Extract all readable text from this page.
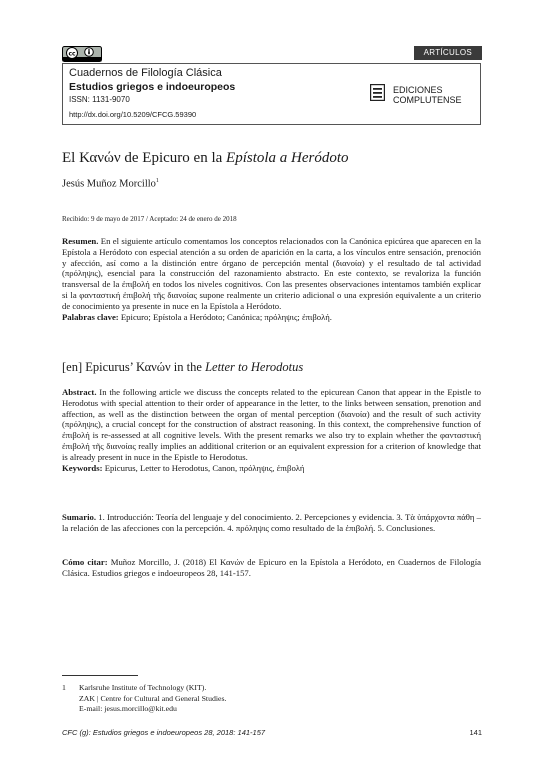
cc	ARTÍCULOS
Cuadernos de Filología Clásica
Estudios griegos e indoeuropeos
ISSN: 1131-9070
http://dx.doi.org/10.5209/CFCG.59390
EDICIONES
COMPLUTENSE
El Κανών de Epicuro en la Epístola a Heródoto
Jesús Muñoz Morcillo$^1$
Recibido: 9 de mayo de 2017 / Aceptado: 24 de enero de 2018

Resumen. En el siguiente artículo comentamos los conceptos relacionados con la Canónica epicúrea que aparecen en la Epístola a Heródoto con especial atención a su orden de aparición en la carta, a los vínculos entre sensación, prenoción y afección, así como a la distinción entre órgano de percepción mental (διανοία) y el resultado de tal actividad (πρόληψις), esencial para la construcción del razonamiento abstracto. En este contexto, se revaloriza la función transversal de la ἐπιβολή en todos los niveles cognitivos. Con las presentes observaciones intentamos también explicar si la φανταστική ἐπιβολή τῆς διανοίας supone realmente un criterio adicional o una expresión equivalente a un criterio de conocimiento ya presente in nuce en la Epístola a Heródoto.
Palabras clave: Epicuro; Epístola a Heródoto; Canónica; πρόληψις; ἐπιβολή.

[en] Epicurus’ Κανών in the Letter to Herodotus

Abstract. In the following article we discuss the concepts related to the epicurean Canon that appear in the Epistle to Herodotus with special attention to their order of appearance in the letter, to the links between sensation, prenotion and affection, as well as the distinction between the organ of mental perception (διανοία) and the result of such activity (πρόληψις), a crucial concept for the construction of abstract reasoning. In this context, the comprehensive function of ἐπιβολή is re-assessed at all cognitive levels. With the present remarks we also try to explain whether the φανταστική ἐπιβολή τῆς διανοίας really implies an additional criterion or an equivalent expression for a criterion of knowledge that is already present in nuce in the Epistle to Herodotus.
Keywords: Epicurus, Letter to Herodotus, Canon, πρόληψις, ἐπιβολή

Sumario. 1. Introducción: Teoría del lenguaje y del conocimiento. 2. Percepciones y evidencia. 3. Τὰ ὑπάρχοντα πάθη – la relación de las afecciones con la percepción. 4. πρόληψις como resultado de la ἐπιβολή. 5. Conclusiones.

Cómo citar: Muñoz Morcillo, J. (2018) El Κανών de Epicuro en la Epístola a Heródoto, en Cuadernos de Filología Clásica. Estudios griegos e indoeuropeos 28, 141-157.

1 Karlsruhe Institute of Technology (KIT).
ZAK | Centre for Cultural and General Studies.
E-mail: jesus.morcillo@kit.edu
CFC (g): Estudios griegos e indoeuropeos 28, 2018: 141-157	141
